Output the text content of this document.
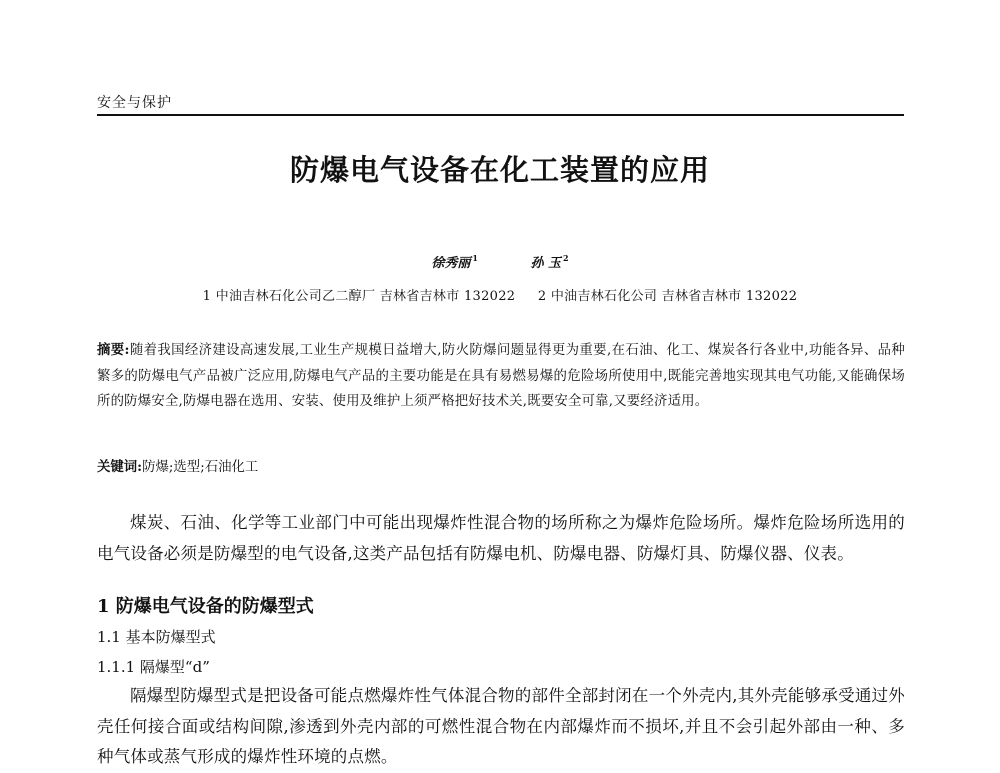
安全与保护
防爆电气设备在化工装置的应用
徐秀丽 $^1$	孙 玉 $^2$
1 中油吉林石化公司乙二醇厂 吉林省吉林市 132022 2 中油吉林石化公司 吉林省吉林市 132022
摘要:随着我国经济建设高速发展,工业生产规模日益增大,防火防爆问题显得更为重要,在石油、化工、煤炭各行各业中,功能各异、品种繁多的防爆电气产品被广泛应用,防爆电气产品的主要功能是在具有易燃易爆的危险场所使用中,既能完善地实现其电气功能,又能确保场所的防爆安全,防爆电器在选用、安装、使用及维护上须严格把好技术关,既要安全可靠,又要经济适用。
关键词:防爆;选型;石油化工
煤炭、石油、化学等工业部门中可能出现爆炸性混合物的场所称之为爆炸危险场所。爆炸危险场所选用的电气设备必须是防爆型的电气设备,这类产品包括有防爆电机、防爆电器、防爆灯具、防爆仪器、仪表。
1 防爆电气设备的防爆型式
1.1 基本防爆型式
1.1.1 隔爆型“d”
隔爆型防爆型式是把设备可能点燃爆炸性气体混合物的部件全部封闭在一个外壳内,其外壳能够承受通过外壳任何接合面或结构间隙,渗透到外壳内部的可燃性混合物在内部爆炸而不损坏,并且不会引起外部由一种、多种气体或蒸气形成的爆炸性环境的点燃。
